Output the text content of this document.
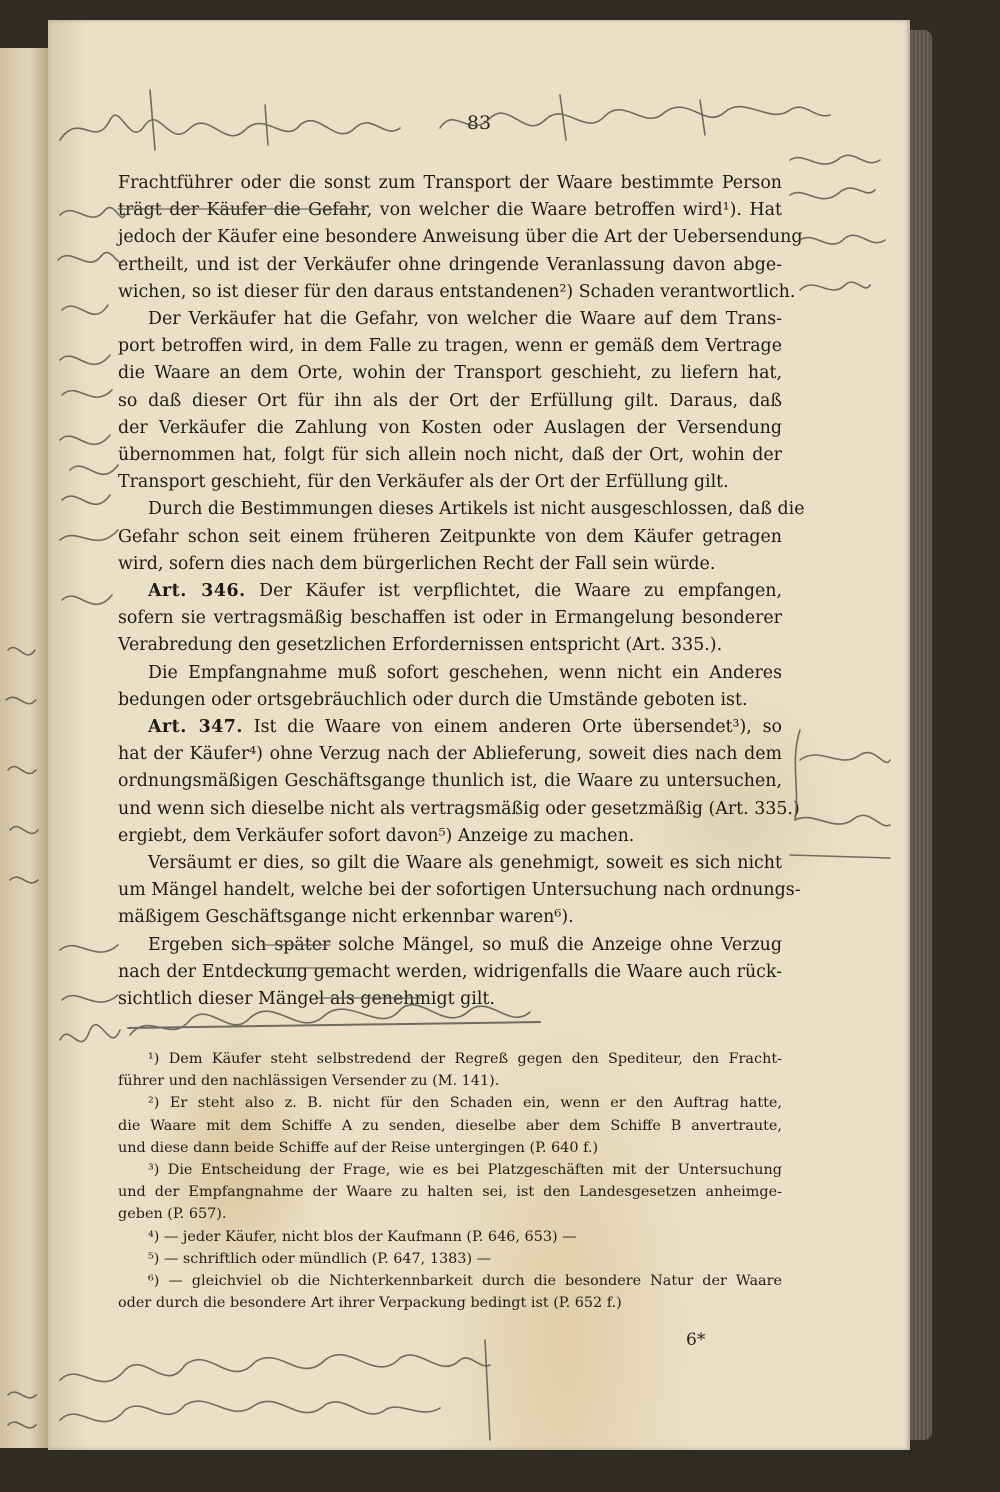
83
Frachtführer oder die sonst zum Transport der Waare bestimmte Person
trägt der Käufer die Gefahr, von welcher die Waare betroffen wird¹). Hat
jedoch der Käufer eine besondere Anweisung über die Art der Uebersendung
ertheilt, und ist der Verkäufer ohne dringende Veranlassung davon abge-
wichen, so ist dieser für den daraus entstandenen²) Schaden verantwortlich.
Der Verkäufer hat die Gefahr, von welcher die Waare auf dem Trans-
port betroffen wird, in dem Falle zu tragen, wenn er gemäß dem Vertrage
die Waare an dem Orte, wohin der Transport geschieht, zu liefern hat,
so daß dieser Ort für ihn als der Ort der Erfüllung gilt. Daraus, daß
der Verkäufer die Zahlung von Kosten oder Auslagen der Versendung
übernommen hat, folgt für sich allein noch nicht, daß der Ort, wohin der
Transport geschieht, für den Verkäufer als der Ort der Erfüllung gilt.
Durch die Bestimmungen dieses Artikels ist nicht ausgeschlossen, daß die
Gefahr schon seit einem früheren Zeitpunkte von dem Käufer getragen
wird, sofern dies nach dem bürgerlichen Recht der Fall sein würde.
Art. 346. Der Käufer ist verpflichtet, die Waare zu empfangen,
sofern sie vertragsmäßig beschaffen ist oder in Ermangelung besonderer
Verabredung den gesetzlichen Erfordernissen entspricht (Art. 335.).
Die Empfangnahme muß sofort geschehen, wenn nicht ein Anderes
bedungen oder ortsgebräuchlich oder durch die Umstände geboten ist.
Art. 347. Ist die Waare von einem anderen Orte übersendet³), so
hat der Käufer⁴) ohne Verzug nach der Ablieferung, soweit dies nach dem
ordnungsmäßigen Geschäftsgange thunlich ist, die Waare zu untersuchen,
und wenn sich dieselbe nicht als vertragsmäßig oder gesetzmäßig (Art. 335.)
ergiebt, dem Verkäufer sofort davon⁵) Anzeige zu machen.
Versäumt er dies, so gilt die Waare als genehmigt, soweit es sich nicht
um Mängel handelt, welche bei der sofortigen Untersuchung nach ordnungs-
mäßigem Geschäftsgange nicht erkennbar waren⁶).
Ergeben sich später solche Mängel, so muß die Anzeige ohne Verzug
nach der Entdeckung gemacht werden, widrigenfalls die Waare auch rück-
sichtlich dieser Mängel als genehmigt gilt.
¹) Dem Käufer steht selbstredend der Regreß gegen den Spediteur, den Fracht-
führer und den nachlässigen Versender zu (M. 141).
²) Er steht also z. B. nicht für den Schaden ein, wenn er den Auftrag hatte,
die Waare mit dem Schiffe A zu senden, dieselbe aber dem Schiffe B anvertraute,
und diese dann beide Schiffe auf der Reise untergingen (P. 640 f.)
³) Die Entscheidung der Frage, wie es bei Platzgeschäften mit der Untersuchung
und der Empfangnahme der Waare zu halten sei, ist den Landesgesetzen anheimge-
geben (P. 657).
⁴) — jeder Käufer, nicht blos der Kaufmann (P. 646, 653) —
⁵) — schriftlich oder mündlich (P. 647, 1383) —
⁶) — gleichviel ob die Nichterkennbarkeit durch die besondere Natur der Waare
oder durch die besondere Art ihrer Verpackung bedingt ist (P. 652 f.)
6*
